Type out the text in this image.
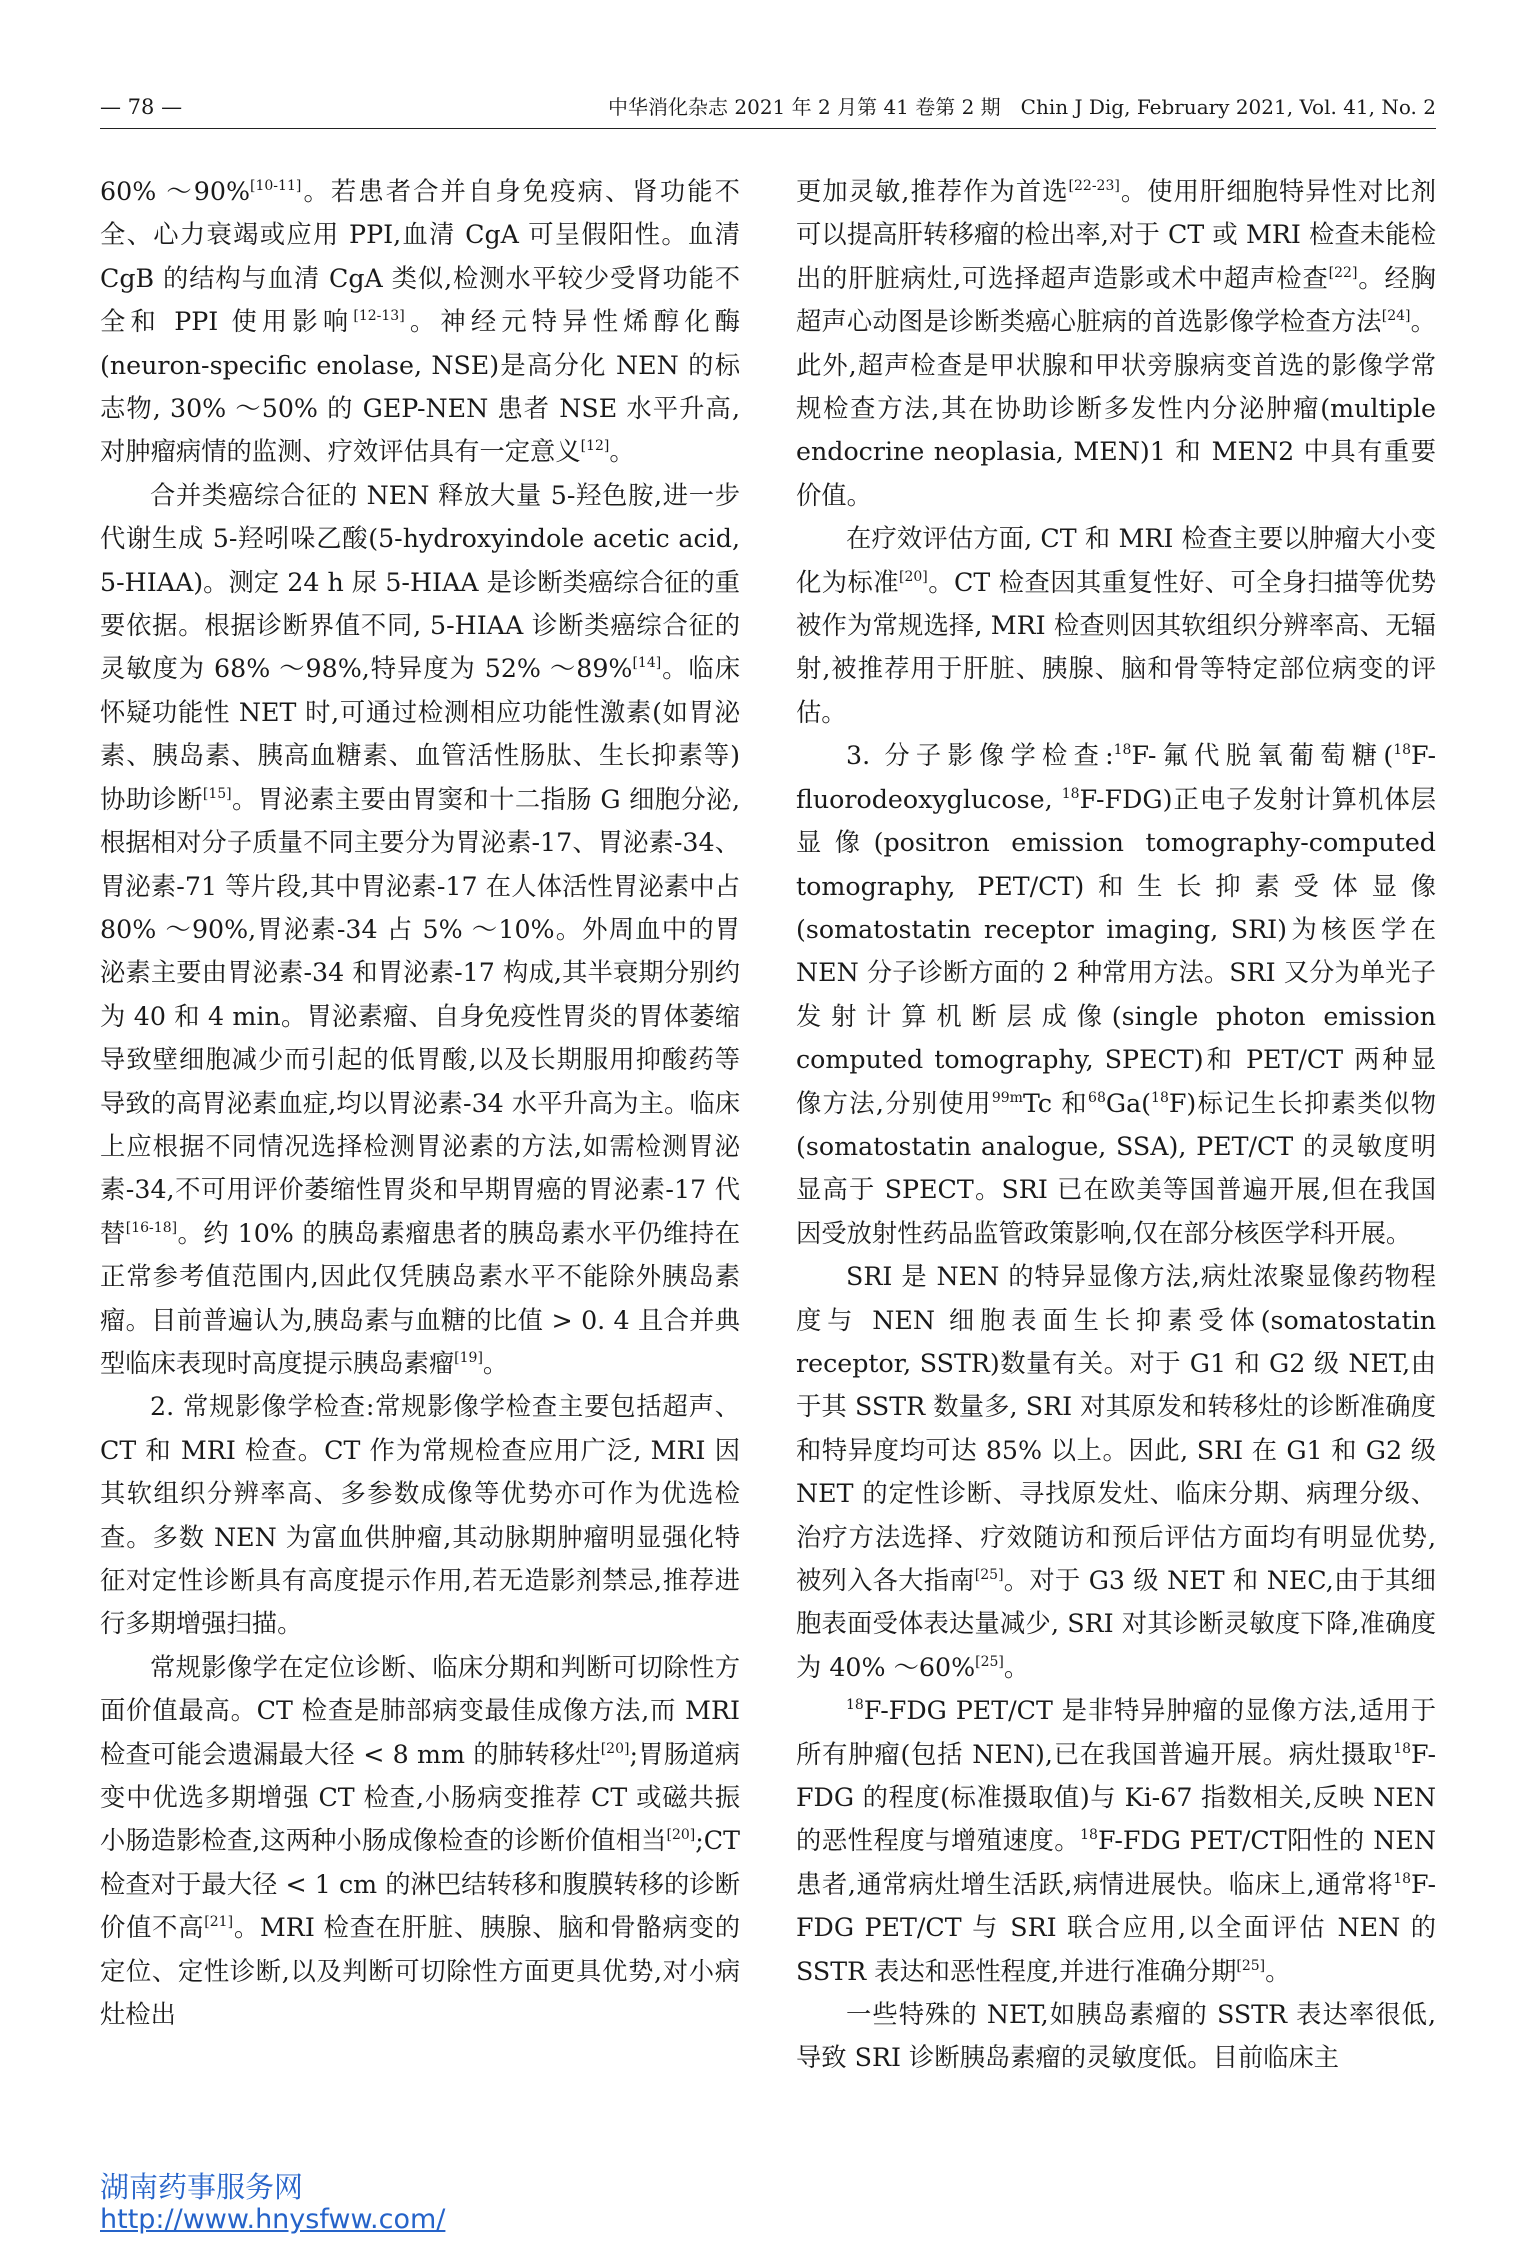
— 78 —	中华消化杂志 2021 年 2 月第 41 卷第 2 期　Chin J Dig, February 2021, Vol. 41, No. 2

60% ～90%[10-11]。若患者合并自身免疫病、肾功能不全、心力衰竭或应用 PPI,血清 CgA 可呈假阳性。血清 CgB 的结构与血清 CgA 类似,检测水平较少受肾功能不全和 PPI 使用影响[12-13]。神经元特异性烯醇化酶(neuron-specific enolase, NSE)是高分化 NEN 的标志物, 30% ～50% 的 GEP-NEN 患者 NSE 水平升高,对肿瘤病情的监测、疗效评估具有一定意义[12]。

合并类癌综合征的 NEN 释放大量 5-羟色胺,进一步代谢生成 5-羟吲哚乙酸(5-hydroxyindole acetic acid, 5-HIAA)。测定 24 h 尿 5-HIAA 是诊断类癌综合征的重要依据。根据诊断界值不同, 5-HIAA 诊断类癌综合征的灵敏度为 68% ～98%,特异度为 52% ～89%[14]。临床怀疑功能性 NET 时,可通过检测相应功能性激素(如胃泌素、胰岛素、胰高血糖素、血管活性肠肽、生长抑素等)协助诊断[15]。胃泌素主要由胃窦和十二指肠 G 细胞分泌,根据相对分子质量不同主要分为胃泌素-17、胃泌素-34、胃泌素-71 等片段,其中胃泌素-17 在人体活性胃泌素中占 80% ～90%,胃泌素-34 占 5% ～10%。外周血中的胃泌素主要由胃泌素-34 和胃泌素-17 构成,其半衰期分别约为 40 和 4 min。胃泌素瘤、自身免疫性胃炎的胃体萎缩导致壁细胞减少而引起的低胃酸,以及长期服用抑酸药等导致的高胃泌素血症,均以胃泌素-34 水平升高为主。临床上应根据不同情况选择检测胃泌素的方法,如需检测胃泌素-34,不可用评价萎缩性胃炎和早期胃癌的胃泌素-17 代替[16-18]。约 10% 的胰岛素瘤患者的胰岛素水平仍维持在正常参考值范围内,因此仅凭胰岛素水平不能除外胰岛素瘤。目前普遍认为,胰岛素与血糖的比值 > 0. 4 且合并典型临床表现时高度提示胰岛素瘤[19]。

2. 常规影像学检查:常规影像学检查主要包括超声、CT 和 MRI 检查。CT 作为常规检查应用广泛, MRI 因其软组织分辨率高、多参数成像等优势亦可作为优选检查。多数 NEN 为富血供肿瘤,其动脉期肿瘤明显强化特征对定性诊断具有高度提示作用,若无造影剂禁忌,推荐进行多期增强扫描。

常规影像学在定位诊断、临床分期和判断可切除性方面价值最高。CT 检查是肺部病变最佳成像方法,而 MRI 检查可能会遗漏最大径 < 8 mm 的肺转移灶[20];胃肠道病变中优选多期增强 CT 检查,小肠病变推荐 CT 或磁共振小肠造影检查,这两种小肠成像检查的诊断价值相当[20];CT 检查对于最大径 < 1 cm 的淋巴结转移和腹膜转移的诊断价值不高[21]。MRI 检查在肝脏、胰腺、脑和骨骼病变的定位、定性诊断,以及判断可切除性方面更具优势,对小病灶检出

更加灵敏,推荐作为首选[22-23]。使用肝细胞特异性对比剂可以提高肝转移瘤的检出率,对于 CT 或 MRI 检查未能检出的肝脏病灶,可选择超声造影或术中超声检查[22]。经胸超声心动图是诊断类癌心脏病的首选影像学检查方法[24]。此外,超声检查是甲状腺和甲状旁腺病变首选的影像学常规检查方法,其在协助诊断多发性内分泌肿瘤(multiple endocrine neoplasia, MEN)1 和 MEN2 中具有重要价值。

在疗效评估方面, CT 和 MRI 检查主要以肿瘤大小变化为标准[20]。CT 检查因其重复性好、可全身扫描等优势被作为常规选择, MRI 检查则因其软组织分辨率高、无辐射,被推荐用于肝脏、胰腺、脑和骨等特定部位病变的评估。

3. 分子影像学检查:$^{18}$F-氟代脱氧葡萄糖($^{18}$F-fluorodeoxyglucose, $^{18}$F-FDG)正电子发射计算机体层显像(positron emission tomography-computed tomography, PET/CT)和生长抑素受体显像(somatostatin receptor imaging, SRI)为核医学在 NEN 分子诊断方面的 2 种常用方法。SRI 又分为单光子发射计算机断层成像(single photon emission computed tomography, SPECT)和 PET/CT 两种显像方法,分别使用$^{99m}$Tc 和$^{68}$Ga($^{18}$F)标记生长抑素类似物(somatostatin analogue, SSA), PET/CT 的灵敏度明显高于 SPECT。SRI 已在欧美等国普遍开展,但在我国因受放射性药品监管政策影响,仅在部分核医学科开展。

SRI 是 NEN 的特异显像方法,病灶浓聚显像药物程度与 NEN 细胞表面生长抑素受体(somatostatin receptor, SSTR)数量有关。对于 G1 和 G2 级 NET,由于其 SSTR 数量多, SRI 对其原发和转移灶的诊断准确度和特异度均可达 85% 以上。因此, SRI 在 G1 和 G2 级 NET 的定性诊断、寻找原发灶、临床分期、病理分级、治疗方法选择、疗效随访和预后评估方面均有明显优势,被列入各大指南[25]。对于 G3 级 NET 和 NEC,由于其细胞表面受体表达量减少, SRI 对其诊断灵敏度下降,准确度为 40% ～60%[25]。

$^{18}$F-FDG PET/CT 是非特异肿瘤的显像方法,适用于所有肿瘤(包括 NEN),已在我国普遍开展。病灶摄取$^{18}$F-FDG 的程度(标准摄取值)与 Ki-67 指数相关,反映 NEN 的恶性程度与增殖速度。$^{18}$F-FDG PET/CT阳性的 NEN 患者,通常病灶增生活跃,病情进展快。临床上,通常将$^{18}$F-FDG PET/CT 与 SRI 联合应用,以全面评估 NEN 的 SSTR 表达和恶性程度,并进行准确分期[25]。

一些特殊的 NET,如胰岛素瘤的 SSTR 表达率很低,导致 SRI 诊断胰岛素瘤的灵敏度低。目前临床主

湖南药事服务网
http://www.hnysfww.com/
